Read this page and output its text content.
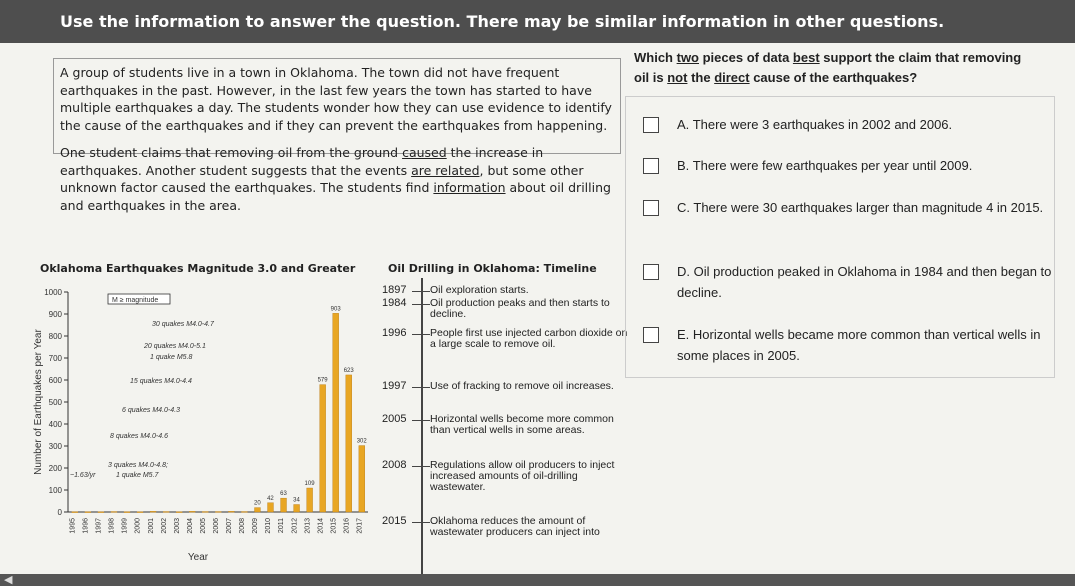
Use the information to answer the question. There may be similar information in other questions.

A group of students live in a town in Oklahoma. The town did not have frequent earthquakes in the past. However, in the last few years the town has started to have multiple earthquakes a day. The students wonder how they can use evidence to identify the cause of the earthquakes and if they can prevent the earthquakes from happening.

One student claims that removing oil from the ground caused the increase in earthquakes. Another student suggests that the events are related, but some other unknown factor caused the earthquakes. The students find information about oil drilling and earthquakes in the area.

Oklahoma Earthquakes Magnitude 3.0 and Greater
Number of Earthquakes per Year
0
100
200
300
400
500
600
700
800
900
1000
M ≥ magnitude
1995 1996 1997 1998 1999 2000 2001 2002 2003 2004 2005 2006 2007 2008
20
2009
42
2010
63
2011
34
2012
109
2013
579
2014
903
2015
623
2016
302
2017
Year
30 quakes M4.0-4.7
20 quakes M4.0-5.1
1 quake M5.8
15 quakes M4.0-4.4
6 quakes M4.0-4.3
8 quakes M4.0-4.6
3 quakes M4.0-4.8;
1 quake M5.7
~1.63/yr
Oil Drilling in Oklahoma: Timeline
1897 Oil exploration starts.
1984 Oil production peaks and then starts to decline.
1996 People first use injected carbon dioxide on a large scale to remove oil.
1997 Use of fracking to remove oil increases.
2005 Horizontal wells become more common than vertical wells in some areas.
2008 Regulations allow oil producers to inject increased amounts of oil-drilling wastewater.
2015 Oklahoma reduces the amount of wastewater producers can inject into
Which two pieces of data best support the claim that removing oil is not the direct cause of the earthquakes?
A. There were 3 earthquakes in 2002 and 2006.
B. There were few earthquakes per year until 2009.
C. There were 30 earthquakes larger than magnitude 4 in 2015.
D. Oil production peaked in Oklahoma in 1984 and then began to decline.
E. Horizontal wells became more common than vertical wells in some places in 2005.
◀
